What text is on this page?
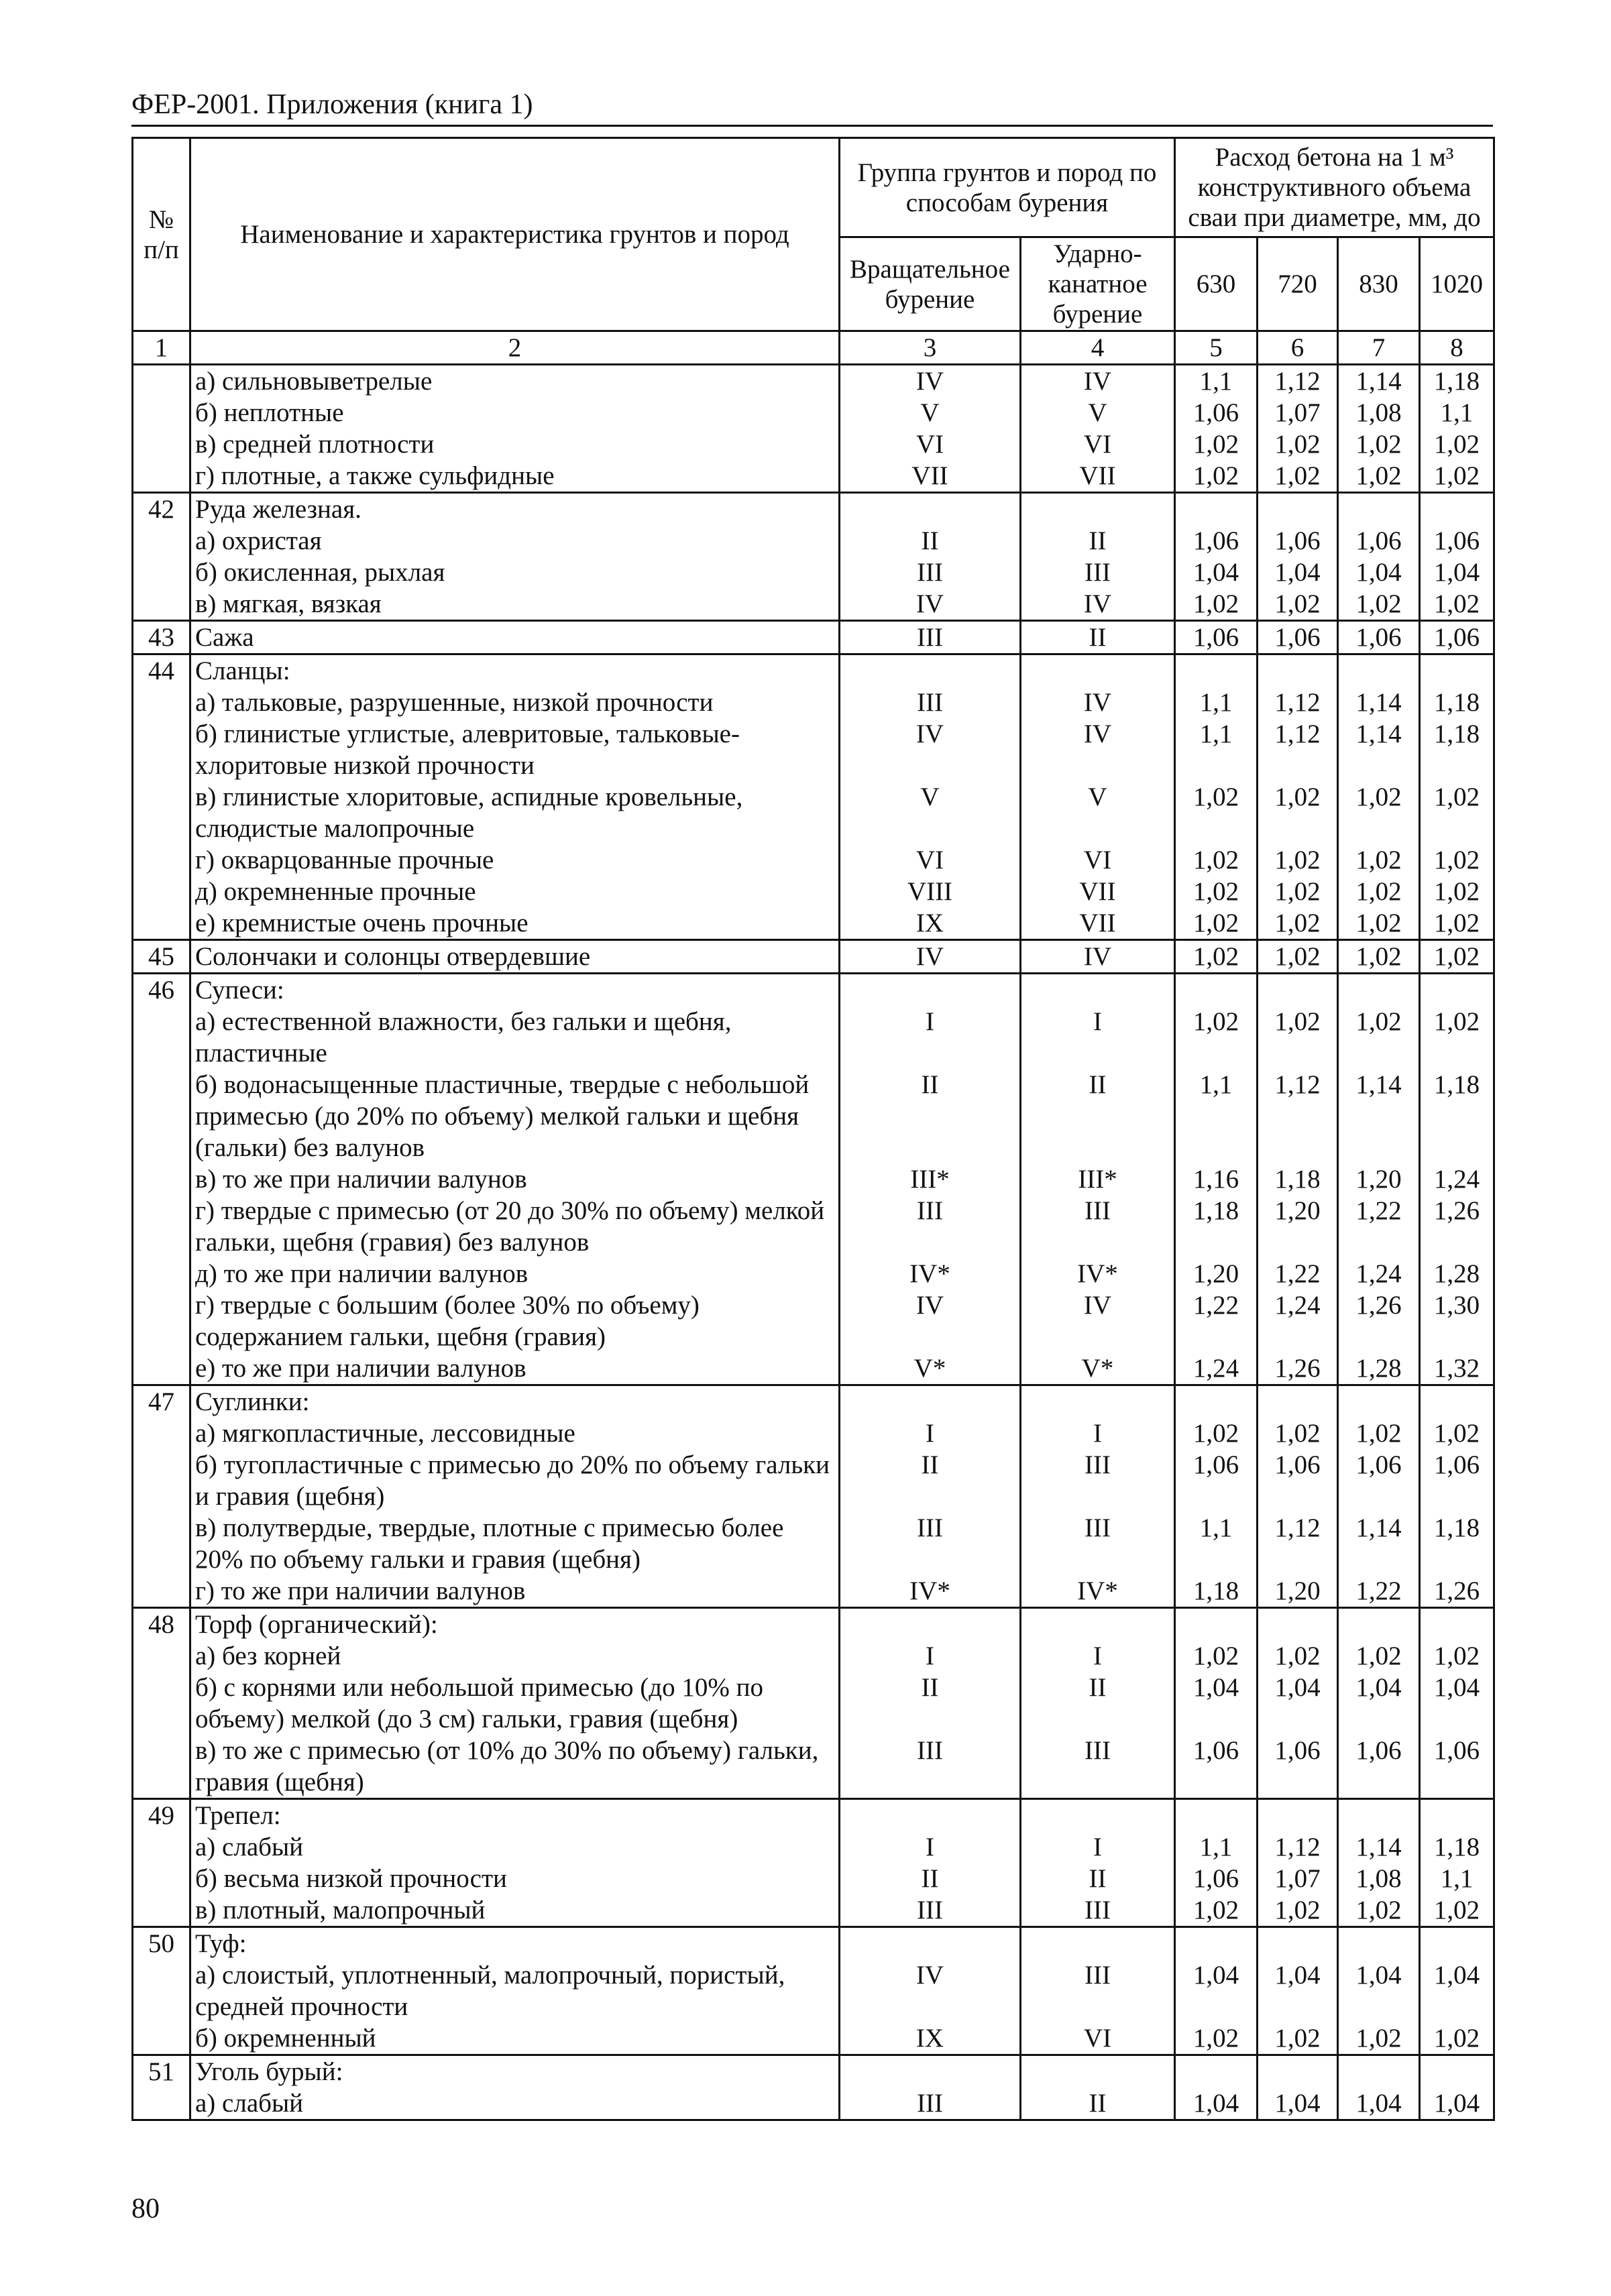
ФЕР-2001. Приложения (книга 1)
№ п/п	Наименование и характеристика грунтов и пород	Группа грунтов и пород по способам бурения		Расход бетона на 1 м³ конструктивного объема сваи при диаметре, мм, до			
		Вращательное бурение	Ударно-канатное бурение	630	720	830	1020
1	2	3	4	5	6	7	8
	а) сильновыветрелые	IV	IV	1,1	1,12	1,14	1,18
	б) неплотные	V	V	1,06	1,07	1,08	1,1
	в) средней плотности	VI	VI	1,02	1,02	1,02	1,02
	г) плотные, а также сульфидные	VII	VII	1,02	1,02	1,02	1,02
42	Руда железная.						
	а) охристая	II	II	1,06	1,06	1,06	1,06
	б) окисленная, рыхлая	III	III	1,04	1,04	1,04	1,04
	в) мягкая, вязкая	IV	IV	1,02	1,02	1,02	1,02
43	Сажа	III	II	1,06	1,06	1,06	1,06
44	Сланцы:						
	а) тальковые, разрушенные, низкой прочности	III	IV	1,1	1,12	1,14	1,18
	б) глинистые углистые, алевритовые, тальковые-хлоритовые низкой прочности	IV	IV	1,1	1,12	1,14	1,18
	в) глинистые хлоритовые, аспидные кровельные, слюдистые малопрочные	V	V	1,02	1,02	1,02	1,02
	г) окварцованные прочные	VI	VI	1,02	1,02	1,02	1,02
	д) окремненные прочные	VIII	VII	1,02	1,02	1,02	1,02
	е) кремнистые очень прочные	IX	VII	1,02	1,02	1,02	1,02
45	Солончаки и солонцы отвердевшие	IV	IV	1,02	1,02	1,02	1,02
46	Супеси:						
	а) естественной влажности, без гальки и щебня, пластичные	I	I	1,02	1,02	1,02	1,02
	б) водонасыщенные пластичные, твердые с небольшой примесью (до 20% по объему) мелкой гальки и щебня (гальки) без валунов	II	II	1,1	1,12	1,14	1,18
	в) то же при наличии валунов	III*	III*	1,16	1,18	1,20	1,24
	г) твердые с примесью (от 20 до 30% по объему) мелкой гальки, щебня (гравия) без валунов	III	III	1,18	1,20	1,22	1,26
	д) то же при наличии валунов	IV*	IV*	1,20	1,22	1,24	1,28
	г) твердые с большим (более 30% по объему) содержанием гальки, щебня (гравия)	IV	IV	1,22	1,24	1,26	1,30
	е) то же при наличии валунов	V*	V*	1,24	1,26	1,28	1,32
47	Суглинки:						
	а) мягкопластичные, лессовидные	I	I	1,02	1,02	1,02	1,02
	б) тугопластичные с примесью до 20% по объему гальки и гравия (щебня)	II	III	1,06	1,06	1,06	1,06
	в) полутвердые, твердые, плотные с примесью более 20% по объему гальки и гравия (щебня)	III	III	1,1	1,12	1,14	1,18
	г) то же при наличии валунов	IV*	IV*	1,18	1,20	1,22	1,26
48	Торф (органический):						
	а) без корней	I	I	1,02	1,02	1,02	1,02
	б) с корнями или небольшой примесью (до 10% по объему) мелкой (до 3 см) гальки, гравия (щебня)	II	II	1,04	1,04	1,04	1,04
	в) то же с примесью (от 10% до 30% по объему) гальки, гравия (щебня)	III	III	1,06	1,06	1,06	1,06
49	Трепел:						
	а) слабый	I	I	1,1	1,12	1,14	1,18
	б) весьма низкой прочности	II	II	1,06	1,07	1,08	1,1
	в) плотный, малопрочный	III	III	1,02	1,02	1,02	1,02
50	Туф:						
	а) слоистый, уплотненный, малопрочный, пористый, средней прочности	IV	III	1,04	1,04	1,04	1,04
	б) окремненный	IX	VI	1,02	1,02	1,02	1,02
51	Уголь бурый:						
	а) слабый	III	II	1,04	1,04	1,04	1,04
80
